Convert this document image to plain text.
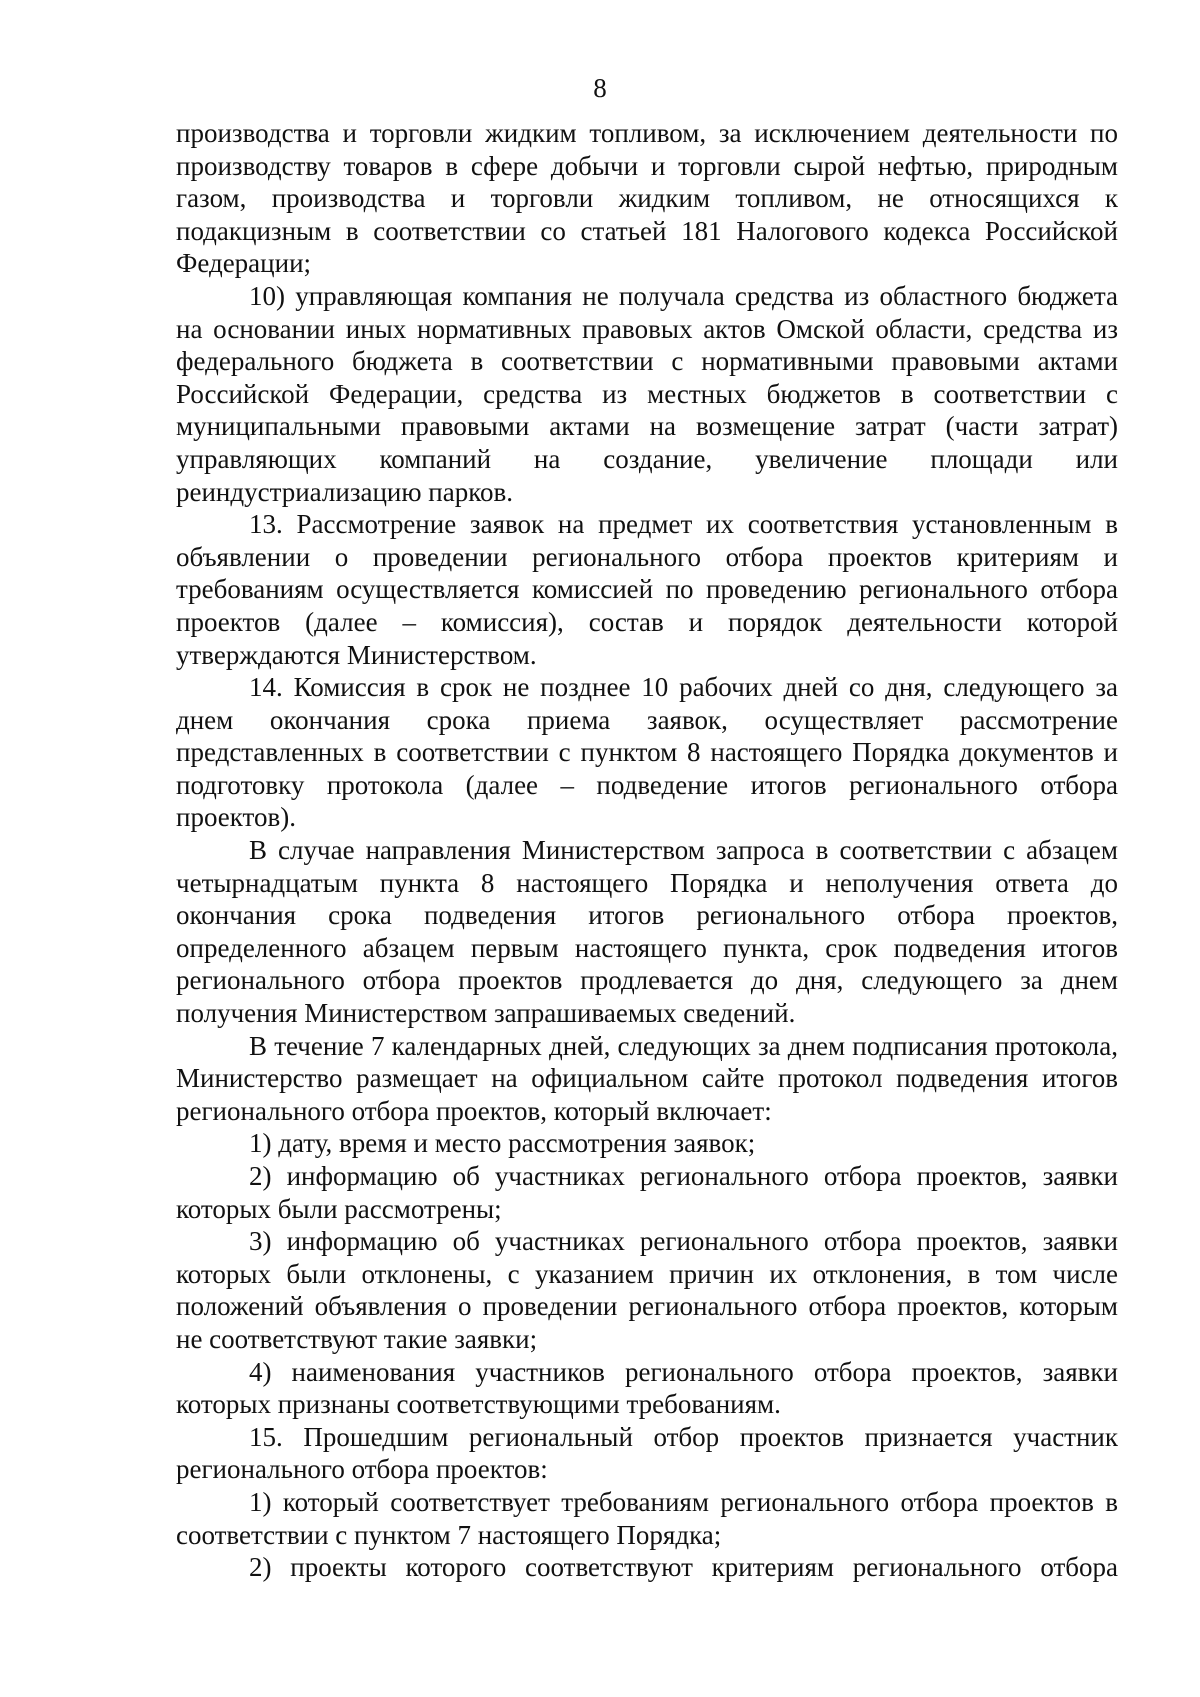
8

производства и торговли жидким топливом, за исключением деятельности по производству товаров в сфере добычи и торговли сырой нефтью, природным газом, производства и торговли жидким топливом, не относящихся к подакцизным в соответствии со статьей 181 Налогового кодекса Российской Федерации;

10) управляющая компания не получала средства из областного бюджета на основании иных нормативных правовых актов Омской области, средства из федерального бюджета в соответствии с нормативными правовыми актами Российской Федерации, средства из местных бюджетов в соответствии с муниципальными правовыми актами на возмещение затрат (части затрат) управляющих компаний на создание, увеличение площади или реиндустриализацию парков.

13. Рассмотрение заявок на предмет их соответствия установленным в объявлении о проведении регионального отбора проектов критериям и требованиям осуществляется комиссией по проведению регионального отбора проектов (далее – комиссия), состав и порядок деятельности которой утверждаются Министерством.

14. Комиссия в срок не позднее 10 рабочих дней со дня, следующего за днем окончания срока приема заявок, осуществляет рассмотрение представленных в соответствии с пунктом 8 настоящего Порядка документов и подготовку протокола (далее – подведение итогов регионального отбора проектов).

В случае направления Министерством запроса в соответствии с абзацем четырнадцатым пункта 8 настоящего Порядка и неполучения ответа до окончания срока подведения итогов регионального отбора проектов, определенного абзацем первым настоящего пункта, срок подведения итогов регионального отбора проектов продлевается до дня, следующего за днем получения Министерством запрашиваемых сведений.

В течение 7 календарных дней, следующих за днем подписания протокола, Министерство размещает на официальном сайте протокол подведения итогов регионального отбора проектов, который включает:

1) дату, время и место рассмотрения заявок;

2) информацию об участниках регионального отбора проектов, заявки которых были рассмотрены;

3) информацию об участниках регионального отбора проектов, заявки которых были отклонены, с указанием причин их отклонения, в том числе положений объявления о проведении регионального отбора проектов, которым не соответствуют такие заявки;

4) наименования участников регионального отбора проектов, заявки которых признаны соответствующими требованиям.

15. Прошедшим региональный отбор проектов признается участник регионального отбора проектов:

1) который соответствует требованиям регионального отбора проектов в соответствии с пунктом 7 настоящего Порядка;

2) проекты которого соответствуют критериям регионального отбора
